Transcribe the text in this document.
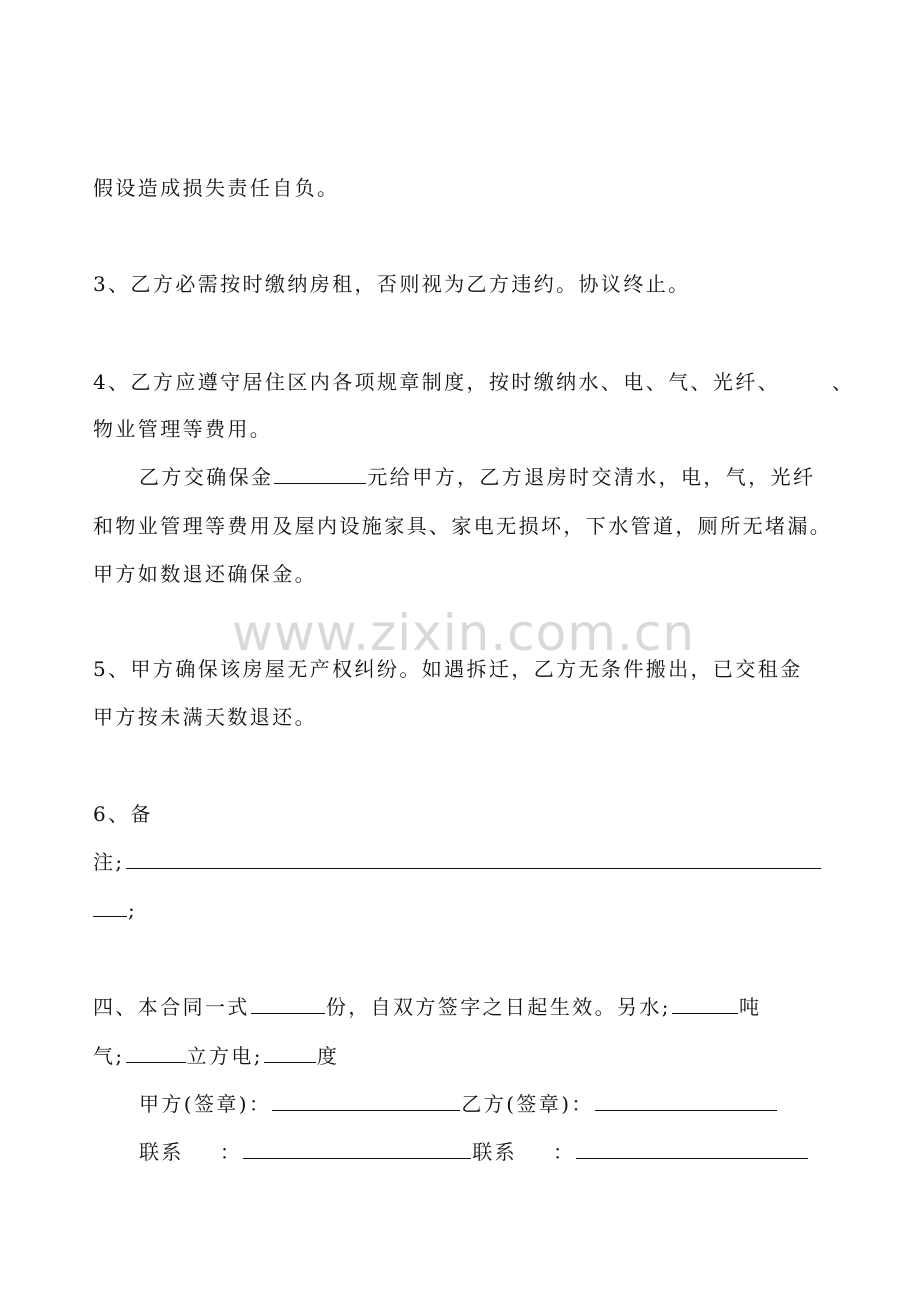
假设造成损失责任自负。
3、乙方必需按时缴纳房租，否则视为乙方违约。协议终止。
4、乙方应遵守居住区内各项规章制度，按时缴纳水、电、气、光纤、	、
物业管理等费用。
乙方交确保金	元给甲方，乙方退房时交清水，电，气，光纤
和物业管理等费用及屋内设施家具、家电无损坏，下水管道，厕所无堵漏。
甲方如数退还确保金。
www.zixin.com.cn
5、甲方确保该房屋无产权纠纷。如遇拆迁，乙方无条件搬出，已交租金
甲方按未满天数退还。
6、备
注;
;
四、本合同一式	份，自双方签字之日起生效。另水;	吨
气;	立方电;	度
甲方(签章)：	乙方(签章)：
联系 ：	联系 ：
